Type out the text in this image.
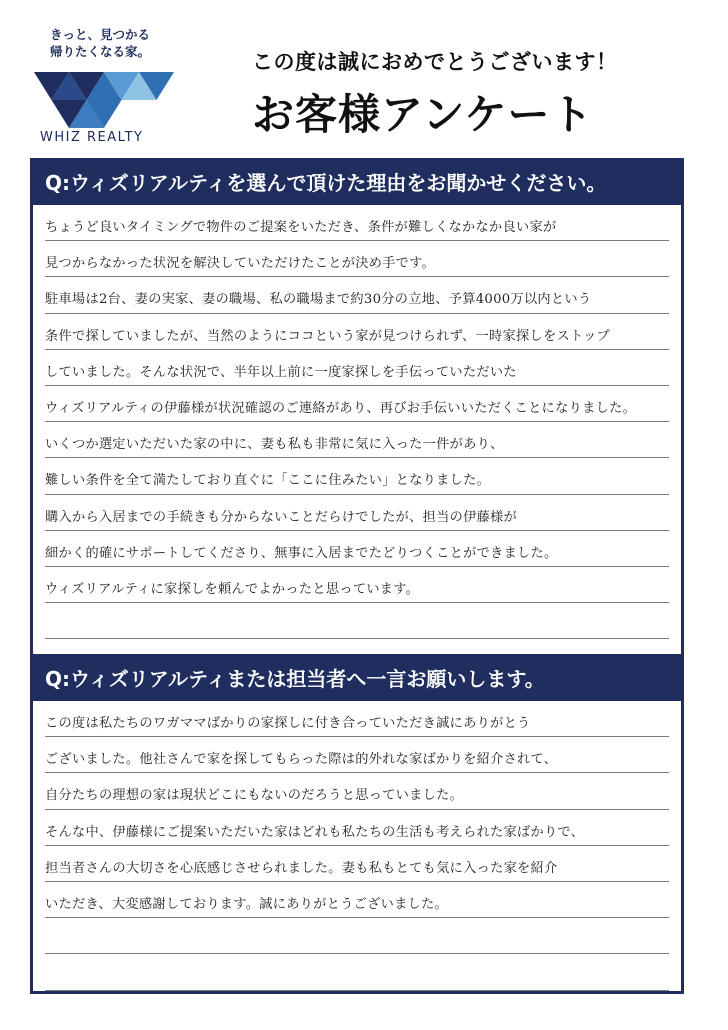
きっと、見つかる
帰りたくなる家。
WHIZ REALTY
この度は誠におめでとうございます！
お客様アンケート
Q:ウィズリアルティを選んで頂けた理由をお聞かせください。
ちょうど良いタイミングで物件のご提案をいただき、条件が難しくなかなか良い家が
見つからなかった状況を解決していただけたことが決め手です。
駐車場は2台、妻の実家、妻の職場、私の職場まで約30分の立地、予算4000万以内という
条件で探していましたが、当然のようにココという家が見つけられず、一時家探しをストップ
していました。そんな状況で、半年以上前に一度家探しを手伝っていただいた
ウィズリアルティの伊藤様が状況確認のご連絡があり、再びお手伝いいただくことになりました。
いくつか選定いただいた家の中に、妻も私も非常に気に入った一件があり、
難しい条件を全て満たしており直ぐに「ここに住みたい」となりました。
購入から入居までの手続きも分からないことだらけでしたが、担当の伊藤様が
細かく的確にサポートしてくださり、無事に入居までたどりつくことができました。
ウィズリアルティに家探しを頼んでよかったと思っています。
Q:ウィズリアルティまたは担当者へ一言お願いします。
この度は私たちのワガママばかりの家探しに付き合っていただき誠にありがとう
ございました。他社さんで家を探してもらった際は的外れな家ばかりを紹介されて、
自分たちの理想の家は現状どこにもないのだろうと思っていました。
そんな中、伊藤様にご提案いただいた家はどれも私たちの生活も考えられた家ばかりで、
担当者さんの大切さを心底感じさせられました。妻も私もとても気に入った家を紹介
いただき、大変感謝しております。誠にありがとうございました。
